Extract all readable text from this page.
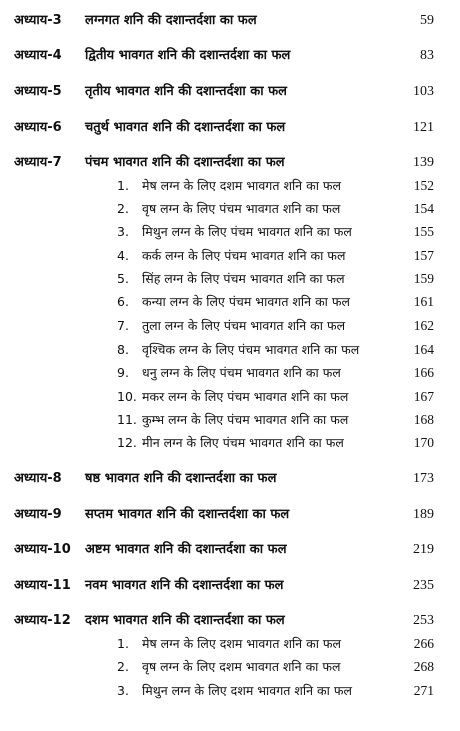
अध्याय-3 लग्नगत शनि की दशान्तर्दशा का फल	59
अध्याय-4 द्वितीय भावगत शनि की दशान्तर्दशा का फल	83
अध्याय-5 तृतीय भावगत शनि की दशान्तर्दशा का फल	103
अध्याय-6 चतुर्थ भावगत शनि की दशान्तर्दशा का फल	121
अध्याय-7 पंचम भावगत शनि की दशान्तर्दशा का फल	139
1. मेष लग्न के लिए दशम भावगत शनि का फल	152
2. वृष लग्न के लिए पंचम भावगत शनि का फल	154
3. मिथुन लग्न के लिए पंचम भावगत शनि का फल	155
4. कर्क लग्न के लिए पंचम भावगत शनि का फल	157
5. सिंह लग्न के लिए पंचम भावगत शनि का फल	159
6. कन्या लग्न के लिए पंचम भावगत शनि का फल	161
7. तुला लग्न के लिए पंचम भावगत शनि का फल	162
8. वृश्चिक लग्न के लिए पंचम भावगत शनि का फल	164
9. धनु लग्न के लिए पंचम भावगत शनि का फल	166
10. मकर लग्न के लिए पंचम भावगत शनि का फल	167
11. कुम्भ लग्न के लिए पंचम भावगत शनि का फल	168
12. मीन लग्न के लिए पंचम भावगत शनि का फल	170
अध्याय-8 षष्ठ भावगत शनि की दशान्तर्दशा का फल	173
अध्याय-9 सप्तम भावगत शनि की दशान्तर्दशा का फल	189
अध्याय-10 अष्टम भावगत शनि की दशान्तर्दशा का फल	219
अध्याय-11 नवम भावगत शनि की दशान्तर्दशा का फल	235
अध्याय-12 दशम भावगत शनि की दशान्तर्दशा का फल	253
1. मेष लग्न के लिए दशम भावगत शनि का फल	266
2. वृष लग्न के लिए दशम भावगत शनि का फल	268
3. मिथुन लग्न के लिए दशम भावगत शनि का फल	271
